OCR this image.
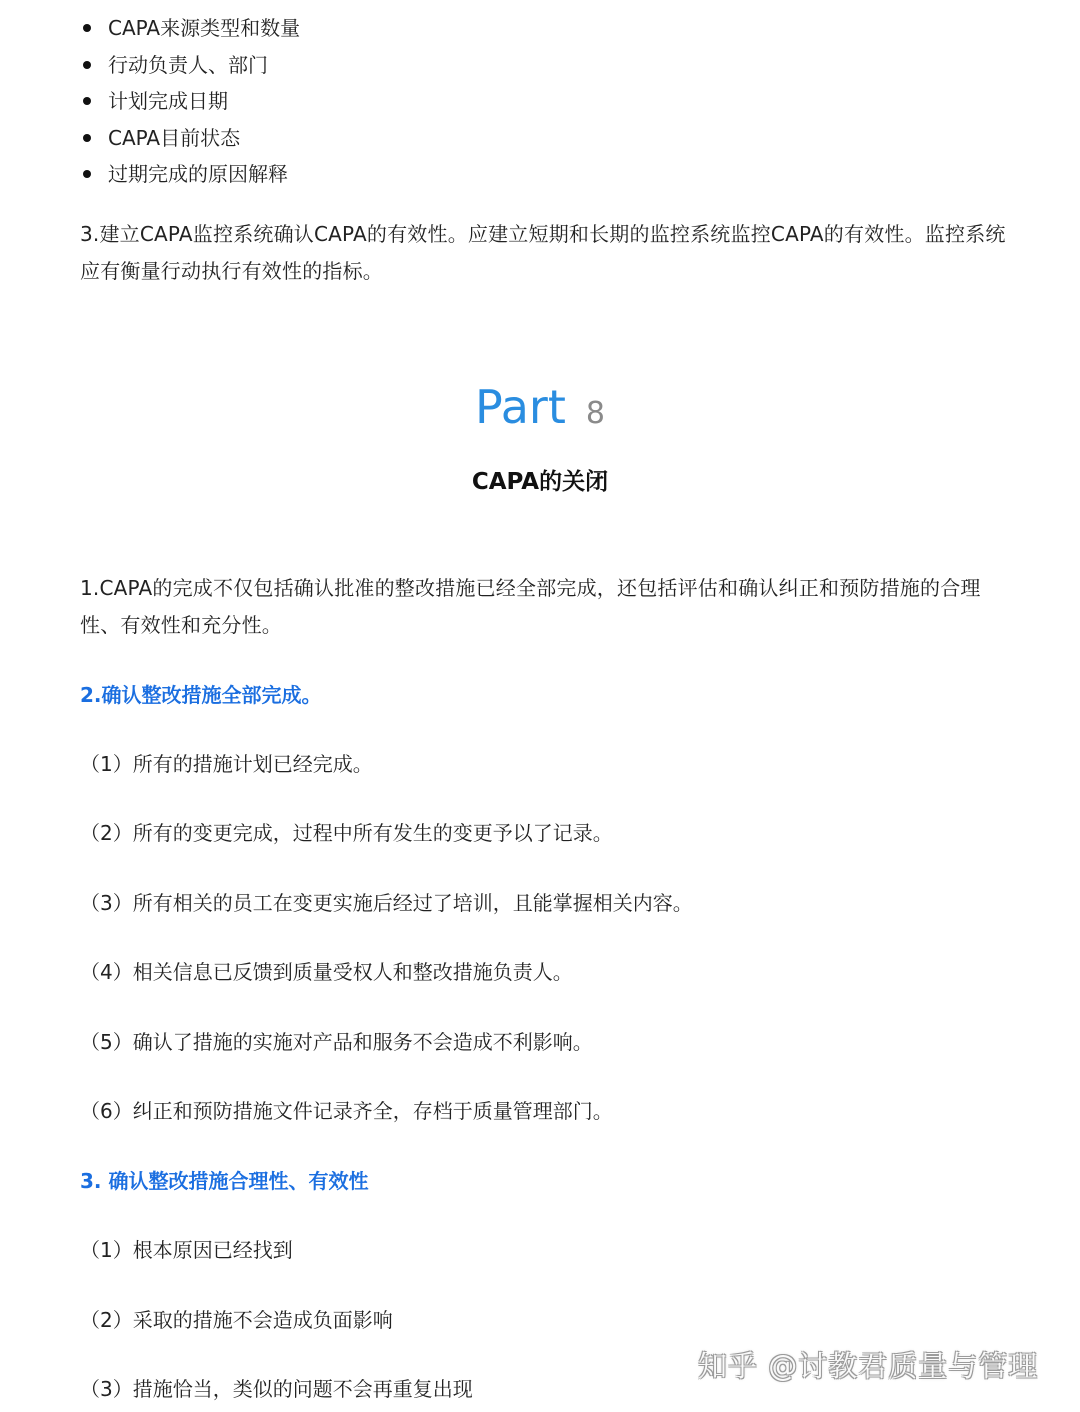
CAPA来源类型和数量
行动负责人、部门
计划完成日期
CAPA目前状态
过期完成的原因解释

3.建立CAPA监控系统确认CAPA的有效性。应建立短期和长期的监控系统监控CAPA的有效性。监控系统应有衡量行动执行有效性的指标。

Part 8
CAPA的关闭

1.CAPA的完成不仅包括确认批准的整改措施已经全部完成，还包括评估和确认纠正和预防措施的合理性、有效性和充分性。

2.确认整改措施全部完成。
（1）所有的措施计划已经完成。
（2）所有的变更完成，过程中所有发生的变更予以了记录。
（3）所有相关的员工在变更实施后经过了培训，且能掌握相关内容。
（4）相关信息已反馈到质量受权人和整改措施负责人。
（5）确认了措施的实施对产品和服务不会造成不利影响。
（6）纠正和预防措施文件记录齐全，存档于质量管理部门。
3. 确认整改措施合理性、有效性
（1）根本原因已经找到
（2）采取的措施不会造成负面影响
（3）措施恰当，类似的问题不会再重复出现
知乎 @讨教君质量与管理
